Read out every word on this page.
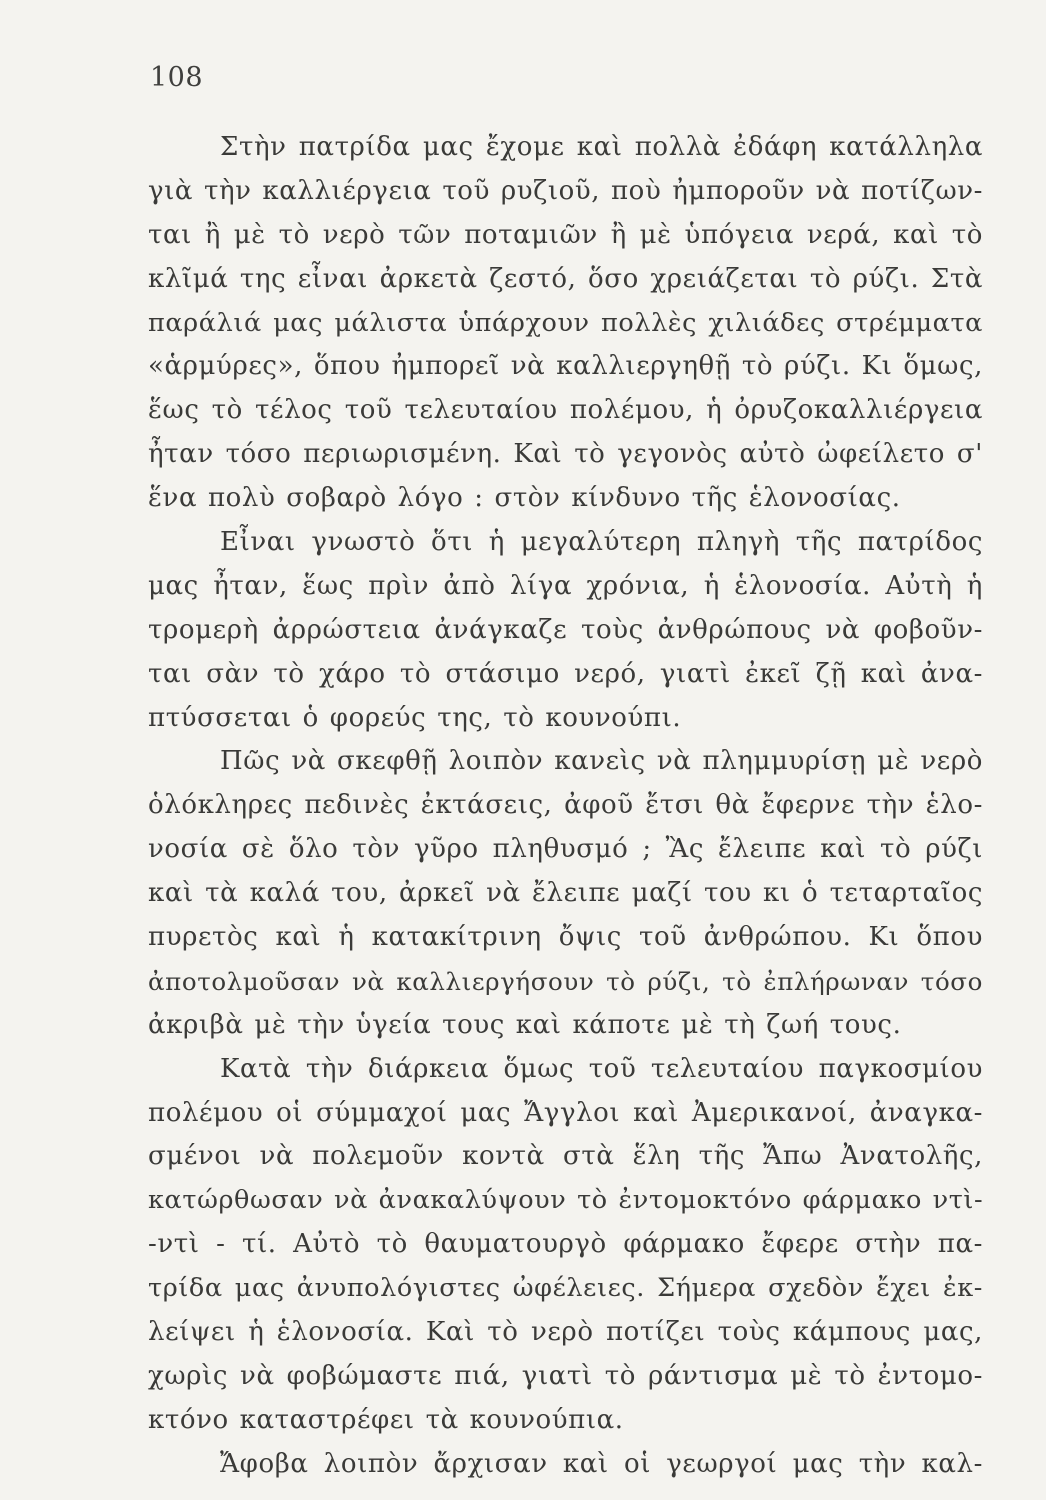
108
Στὴν πατρίδα μας ἔχομε καὶ πολλὰ ἐδάφη κατάλληλα
γιὰ τὴν καλλιέργεια τοῦ ρυζιοῦ, ποὺ ἠμποροῦν νὰ ποτίζων-
ται ἢ μὲ τὸ νερὸ τῶν ποταμιῶν ἢ μὲ ὑπόγεια νερά, καὶ τὸ
κλῖμά της εἶναι ἀρκετὰ ζεστό, ὅσο χρειάζεται τὸ ρύζι. Στὰ
παράλιά μας μάλιστα ὑπάρχουν πολλὲς χιλιάδες στρέμματα
«ἁρμύρες», ὅπου ἠμπορεῖ νὰ καλλιεργηθῇ τὸ ρύζι. Κι ὅμως,
ἕως τὸ τέλος τοῦ τελευταίου πολέμου, ἡ ὀρυζοκαλλιέργεια
ἦταν τόσο περιωρισμένη. Καὶ τὸ γεγονὸς αὐτὸ ὠφείλετο σ'
ἕνα πολὺ σοβαρὸ λόγο : στὸν κίνδυνο τῆς ἑλονοσίας.
Εἶναι γνωστὸ ὅτι ἡ μεγαλύτερη πληγὴ τῆς πατρίδος
μας ἦταν, ἕως πρὶν ἀπὸ λίγα χρόνια, ἡ ἑλονοσία. Αὐτὴ ἡ
τρομερὴ ἀρρώστεια ἀνάγκαζε τοὺς ἀνθρώπους νὰ φοβοῦν-
ται σὰν τὸ χάρο τὸ στάσιμο νερό, γιατὶ ἐκεῖ ζῇ καὶ ἀνα-
πτύσσεται ὁ φορεύς της, τὸ κουνούπι.
Πῶς νὰ σκεφθῇ λοιπὸν κανεὶς νὰ πλημμυρίσῃ μὲ νερὸ
ὁλόκληρες πεδινὲς ἐκτάσεις, ἀφοῦ ἔτσι θὰ ἔφερνε τὴν ἑλο-
νοσία σὲ ὅλο τὸν γῦρο πληθυσμό ; Ἂς ἔλειπε καὶ τὸ ρύζι
καὶ τὰ καλά του, ἀρκεῖ νὰ ἔλειπε μαζί του κι ὁ τεταρταῖος
πυρετὸς καὶ ἡ κατακίτρινη ὄψις τοῦ ἀνθρώπου. Κι ὅπου
ἀποτολμοῦσαν νὰ καλλιεργήσουν τὸ ρύζι, τὸ ἐπλήρωναν τόσο
ἀκριβὰ μὲ τὴν ὑγεία τους καὶ κάποτε μὲ τὴ ζωή τους.
Κατὰ τὴν διάρκεια ὅμως τοῦ τελευταίου παγκοσμίου
πολέμου οἱ σύμμαχοί μας Ἄγγλοι καὶ Ἀμερικανοί, ἀναγκα-
σμένοι νὰ πολεμοῦν κοντὰ στὰ ἕλη τῆς Ἄπω Ἀνατολῆς,
κατώρθωσαν νὰ ἀνακαλύψουν τὸ ἐντομοκτόνο φάρμακο ντὶ-
-ντὶ - τί. Αὐτὸ τὸ θαυματουργὸ φάρμακο ἔφερε στὴν πα-
τρίδα μας ἀνυπολόγιστες ὠφέλειες. Σήμερα σχεδὸν ἔχει ἐκ-
λείψει ἡ ἑλονοσία. Καὶ τὸ νερὸ ποτίζει τοὺς κάμπους μας,
χωρὶς νὰ φοβώμαστε πιά, γιατὶ τὸ ράντισμα μὲ τὸ ἐντομο-
κτόνο καταστρέφει τὰ κουνούπια.
Ἄφοβα λοιπὸν ἄρχισαν καὶ οἱ γεωργοί μας τὴν καλ-
